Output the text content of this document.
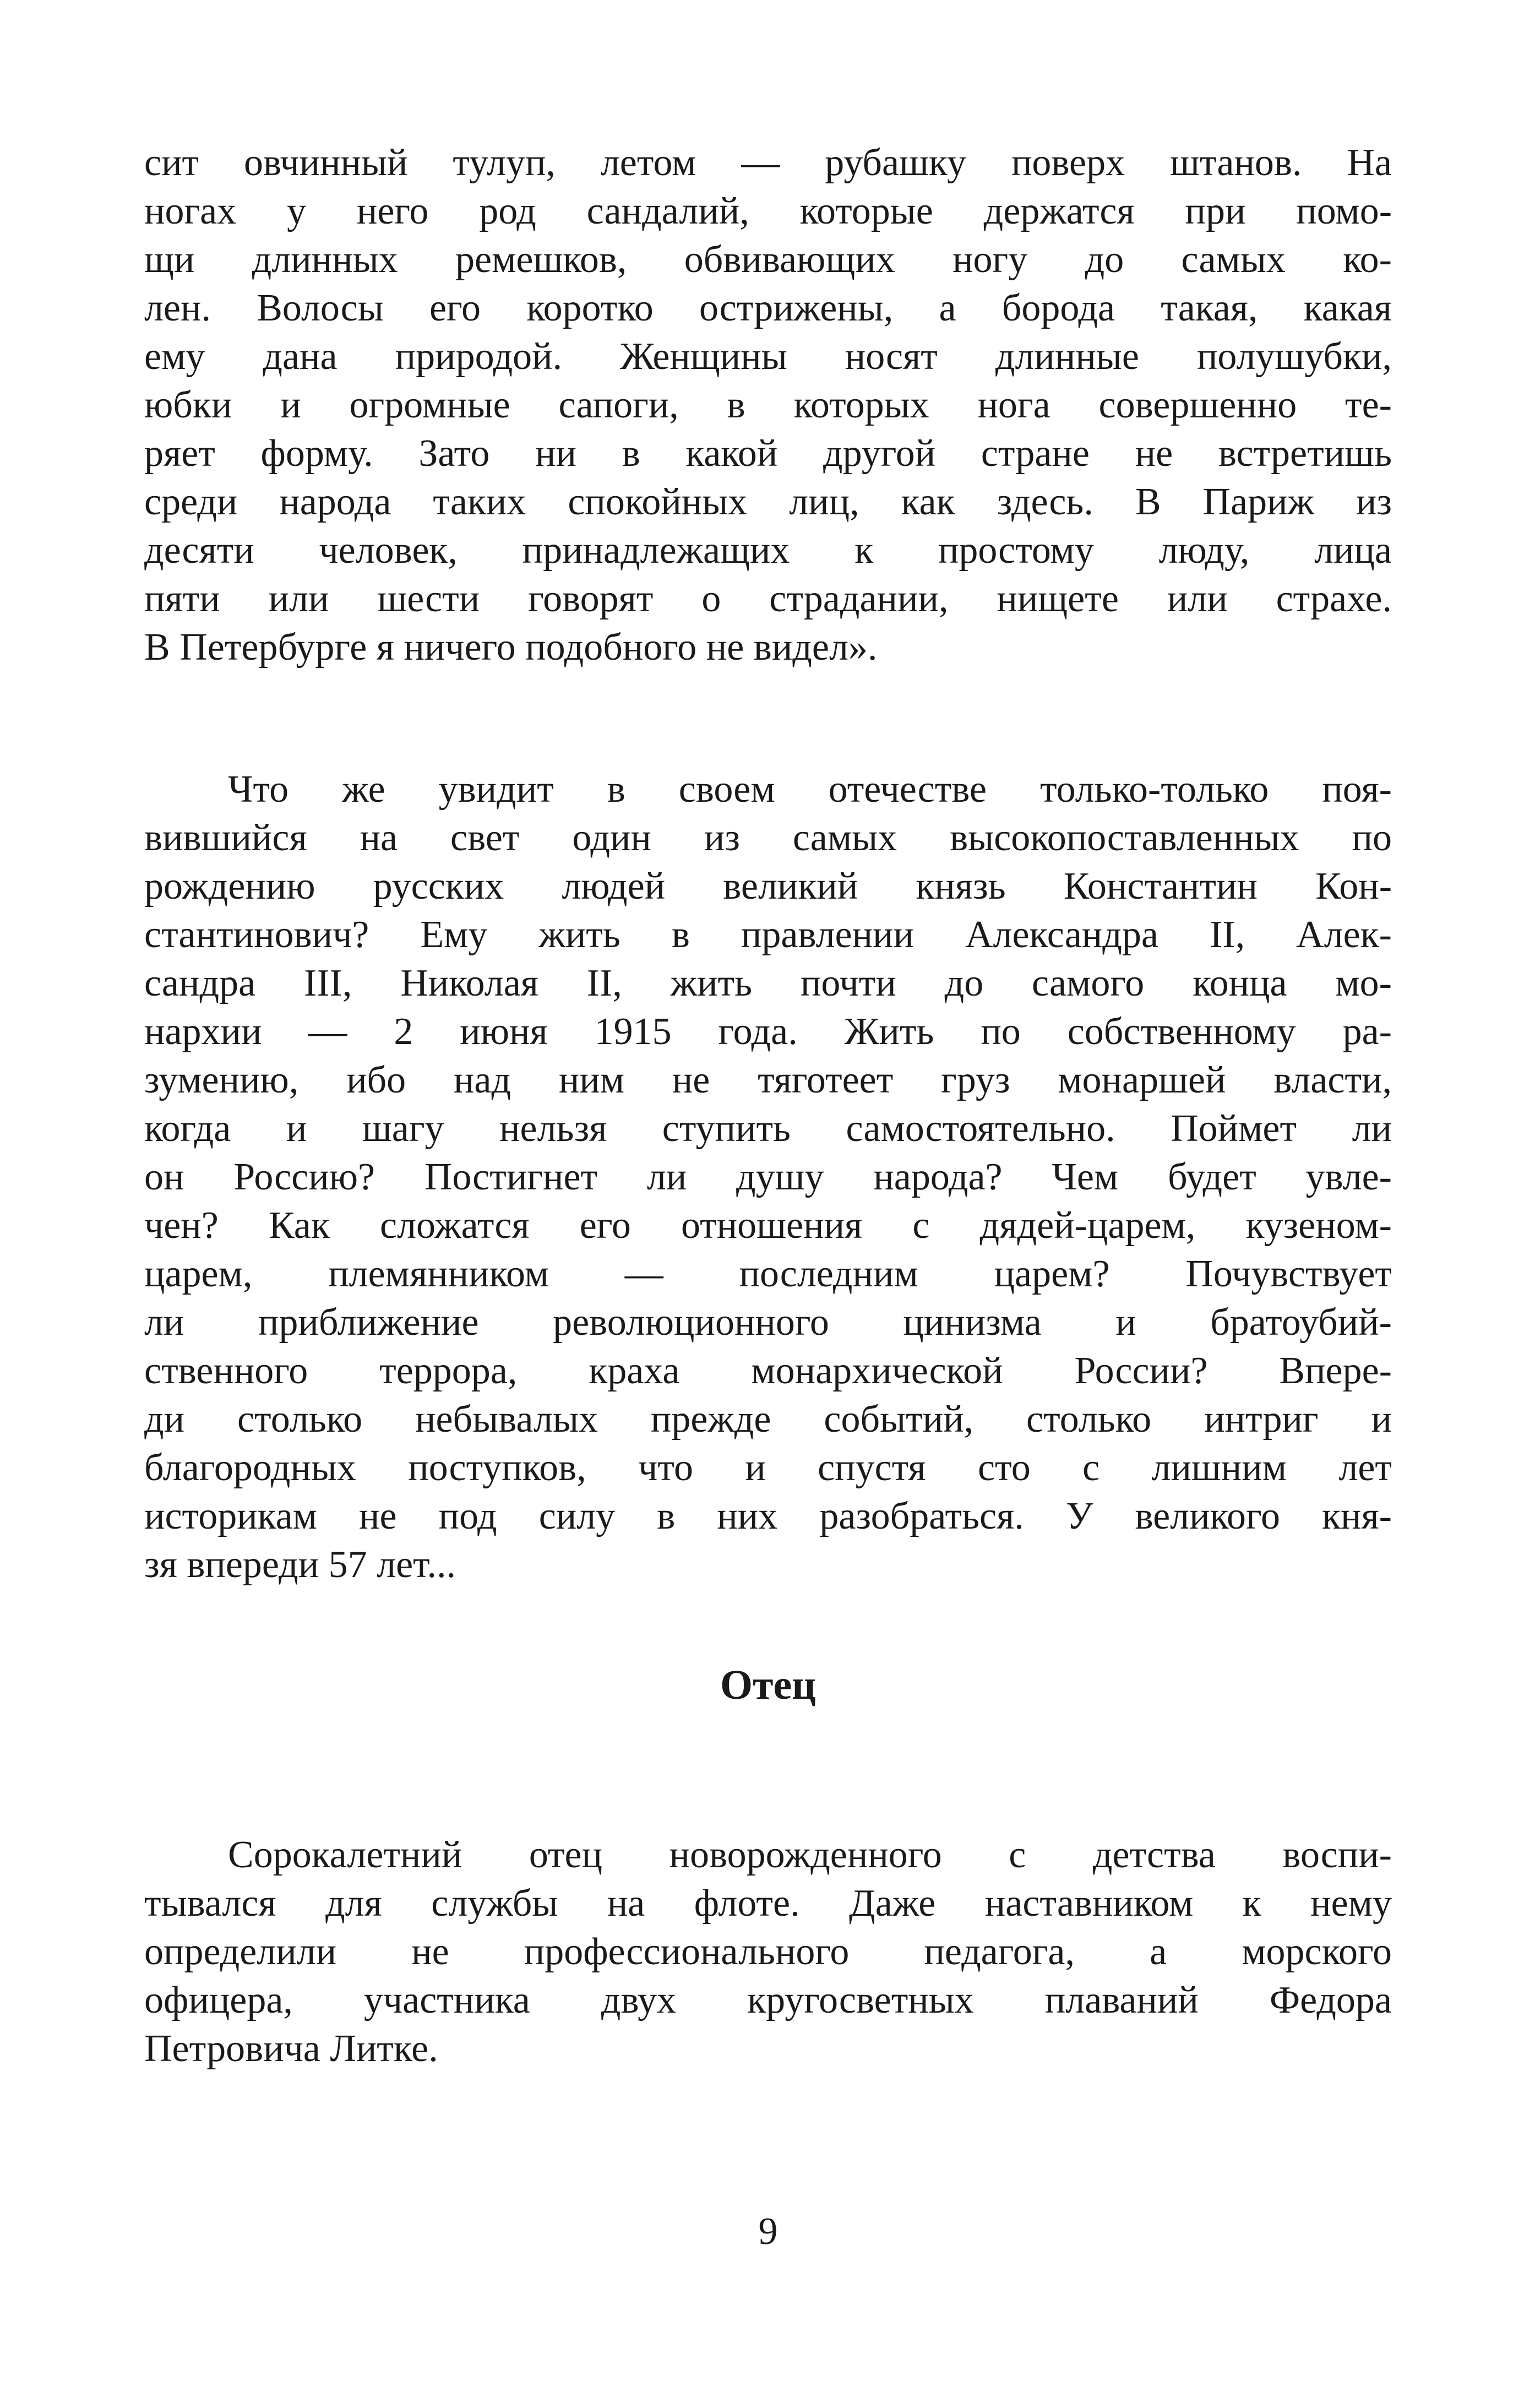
сит овчинный тулуп, летом — рубашку поверх штанов. На
ногах у него род сандалий, которые держатся при помо-
щи длинных ремешков, обвивающих ногу до самых ко-
лен. Волосы его коротко острижены, а борода такая, какая
ему дана природой. Женщины носят длинные полушубки,
юбки и огромные сапоги, в которых нога совершенно те-
ряет форму. Зато ни в какой другой стране не встретишь
среди народа таких спокойных лиц, как здесь. В Париж из
десяти человек, принадлежащих к простому люду, лица
пяти или шести говорят о страдании, нищете или страхе.
В Петербурге я ничего подобного не видел».

Что же увидит в своем отечестве только-только поя-
вившийся на свет один из самых высокопоставленных по
рождению русских людей великий князь Константин Кон-
стантинович? Ему жить в правлении Александра II, Алек-
сандра III, Николая II, жить почти до самого конца мо-
нархии — 2 июня 1915 года. Жить по собственному ра-
зумению, ибо над ним не тяготеет груз монаршей власти,
когда и шагу нельзя ступить самостоятельно. Поймет ли
он Россию? Постигнет ли душу народа? Чем будет увле-
чен? Как сложатся его отношения с дядей-царем, кузеном-
царем, племянником — последним царем? Почувствует
ли приближение революционного цинизма и братоубий-
ственного террора, краха монархической России? Впере-
ди столько небывалых прежде событий, столько интриг и
благородных поступков, что и спустя сто с лишним лет
историкам не под силу в них разобраться. У великого кня-
зя впереди 57 лет...

Отец

Сорокалетний отец новорожденного с детства воспи-
тывался для службы на флоте. Даже наставником к нему
определили не профессионального педагога, а морского
офицера, участника двух кругосветных плаваний Федора
Петровича Литке.

9
